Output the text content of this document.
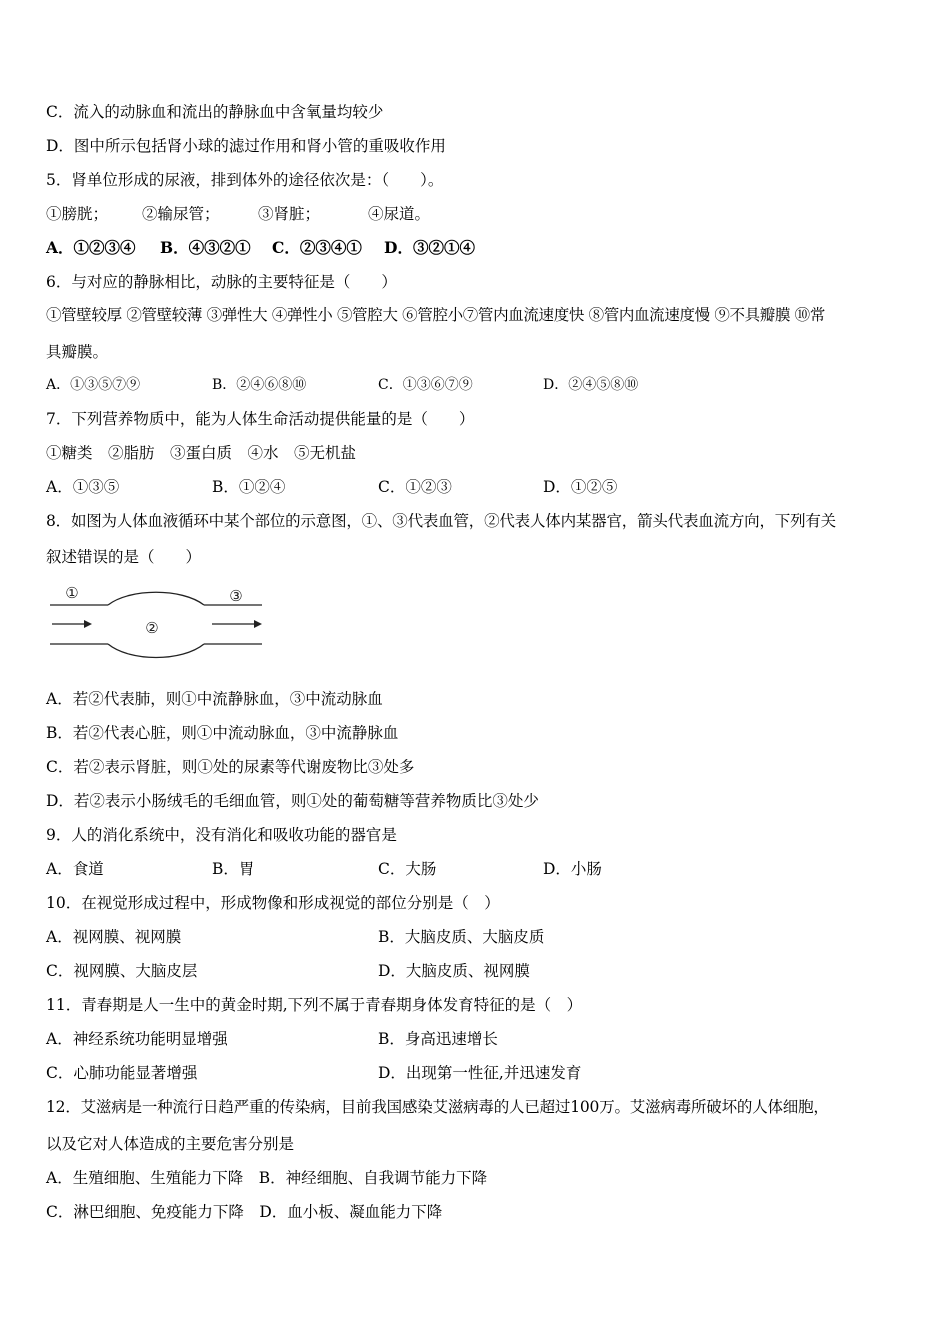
C．流入的动脉血和流出的静脉血中含氧量均较少
D．图中所示包括肾小球的滤过作用和肾小管的重吸收作用
5．肾单位形成的尿液，排到体外的途径依次是：（　　）。
①膀胱； ②输尿管； ③肾脏；	④尿道。
A．①②③④ B．④③②① C．②③④① D．③②①④
6．与对应的静脉相比，动脉的主要特征是（　　）
①管壁较厚 ②管壁较薄 ③弹性大 ④弹性小 ⑤管腔大 ⑥管腔小⑦管内血流速度快 ⑧管内血流速度慢 ⑨不具瓣膜 ⑩常
具瓣膜。
A．①③⑤⑦⑨	B．②④⑥⑧⑩	C．①③⑥⑦⑨	D．②④⑤⑧⑩
7．下列营养物质中，能为人体生命活动提供能量的是（　　）
①糖类　②脂肪　③蛋白质　④水　⑤无机盐
A．①③⑤	B．①②④	C．①②③	D．①②⑤
8．如图为人体血液循环中某个部位的示意图，①、③代表血管，②代表人体内某器官，箭头代表血流方向，下列有关
叙述错误的是（　　）
①
②
③
A．若②代表肺，则①中流静脉血，③中流动脉血
B．若②代表心脏，则①中流动脉血，③中流静脉血
C．若②表示肾脏，则①处的尿素等代谢废物比③处多
D．若②表示小肠绒毛的毛细血管，则①处的葡萄糖等营养物质比③处少
9．人的消化系统中，没有消化和吸收功能的器官是
A．食道	B．胃	C．大肠	D．小肠
10．在视觉形成过程中，形成物像和形成视觉的部位分别是（　）
A．视网膜、视网膜	B．大脑皮质、大脑皮质
C．视网膜、大脑皮层	D．大脑皮质、视网膜
11．青春期是人一生中的黄金时期,下列不属于青春期身体发育特征的是（　）
A．神经系统功能明显增强	B．身高迅速增长
C．心肺功能显著增强	D．出现第一性征,并迅速发育
12．艾滋病是一种流行日趋严重的传染病，目前我国感染艾滋病毒的人已超过100万。艾滋病毒所破坏的人体细胞，
以及它对人体造成的主要危害分别是
A．生殖细胞、生殖能力下降　B．神经细胞、自我调节能力下降
C．淋巴细胞、免疫能力下降　D．血小板、凝血能力下降
